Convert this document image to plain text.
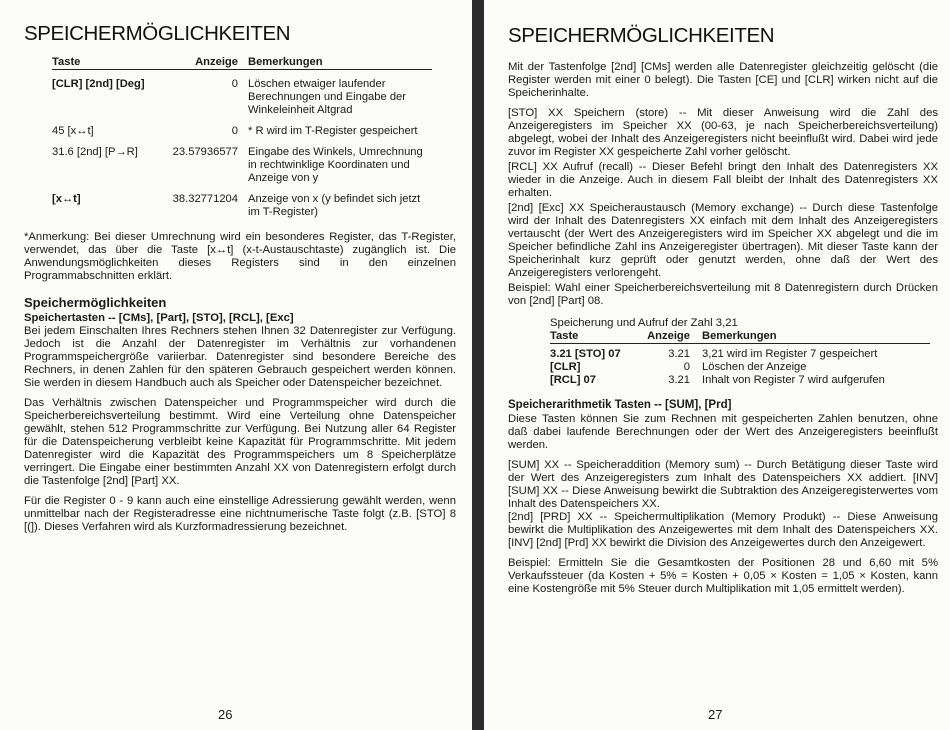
SPEICHERMÖGLICHKEITEN
Taste	Anzeige	Bemerkungen
[CLR] [2nd] [Deg]	0	Löschen etwaiger laufender Berechnungen und Eingabe der Winkeleinheit Altgrad
45 [x↔t]	0	* R wird im T-Register gespeichert
31.6 [2nd] [P→R]	23.57936577	Eingabe des Winkels, Umrechnung in rechtwinklige Koordinaten und Anzeige von y
[x↔t]	38.32771204	Anzeige von x (y befindet sich jetzt im T-Register)

*Anmerkung: Bei dieser Umrechnung wird ein besonderes Register, das T-Register, verwendet, das über die Taste [x↔t] (x-t-Austauschtaste) zugänglich ist. Die Anwendungsmöglichkeiten dieses Registers sind in den einzelnen Programmabschnitten erklärt.

Speichermöglichkeiten
Speichertasten -- [CMs], [Part], [STO], [RCL], [Exc]

Bei jedem Einschalten Ihres Rechners stehen Ihnen 32 Datenregister zur Verfügung. Jedoch ist die Anzahl der Datenregister im Verhältnis zur vorhandenen Programmspeichergröße variierbar. Datenregister sind besondere Bereiche des Rechners, in denen Zahlen für den späteren Gebrauch gespeichert werden können. Sie werden in diesem Handbuch auch als Speicher oder Datenspeicher bezeichnet.

Das Verhältnis zwischen Datenspeicher und Programmspeicher wird durch die Speicherbereichsverteilung bestimmt. Wird eine Verteilung ohne Datenspeicher gewählt, stehen 512 Programmschritte zur Verfügung. Bei Nutzung aller 64 Register für die Datenspeicherung verbleibt keine Kapazität für Programmschritte. Mit jedem Datenregister wird die Kapazität des Programmspeichers um 8 Speicherplätze verringert. Die Eingabe einer bestimmten Anzahl XX von Datenregistern erfolgt durch die Tastenfolge [2nd] [Part] XX.

Für die Register 0 - 9 kann auch eine einstellige Adressierung gewählt werden, wenn unmittelbar nach der Registeradresse eine nichtnumerische Taste folgt (z.B. [STO] 8 [(]). Dieses Verfahren wird als Kurzformadressierung bezeichnet.

26
SPEICHERMÖGLICHKEITEN

Mit der Tastenfolge [2nd] [CMs] werden alle Datenregister gleichzeitig gelöscht (die Register werden mit einer 0 belegt). Die Tasten [CE] und [CLR] wirken nicht auf die Speicherinhalte.

[STO] XX Speichern (store) -- Mit dieser Anweisung wird die Zahl des Anzeigeregisters im Speicher XX (00-63, je nach Speicherbereichsverteilung) abgelegt, wobei der Inhalt des Anzeigeregisters nicht beeinflußt wird. Dabei wird jede zuvor im Register XX gespeicherte Zahl vorher gelöscht.

[RCL] XX Aufruf (recall) -- Dieser Befehl bringt den Inhalt des Datenregisters XX wieder in die Anzeige. Auch in diesem Fall bleibt der Inhalt des Datenregisters XX erhalten.

[2nd] [Exc] XX Speicheraustausch (Memory exchange) -- Durch diese Tastenfolge wird der Inhalt des Datenregisters XX einfach mit dem Inhalt des Anzeigeregisters vertauscht (der Wert des Anzeigeregisters wird im Speicher XX abgelegt und die im Speicher befindliche Zahl ins Anzeigeregister übertragen). Mit dieser Taste kann der Speicherinhalt kurz geprüft oder genutzt werden, ohne daß der Wert des Anzeigeregisters verlorengeht.

Beispiel: Wahl einer Speicherbereichsverteilung mit 8 Datenregistern durch Drücken von [2nd] [Part] 08.

Speicherung und Aufruf der Zahl 3,21
Taste	Anzeige	Bemerkungen
3.21 [STO] 07	3.21	3,21 wird im Register 7 gespeichert
[CLR]	0	Löschen der Anzeige
[RCL] 07	3.21	Inhalt von Register 7 wird aufgerufen
Speicherarithmetik Tasten -- [SUM], [Prd]

Diese Tasten können Sie zum Rechnen mit gespeicherten Zahlen benutzen, ohne daß dabei laufende Berechnungen oder der Wert des Anzeigeregisters beeinflußt werden.

[SUM] XX -- Speicheraddition (Memory sum) -- Durch Betätigung dieser Taste wird der Wert des Anzeigeregisters zum Inhalt des Datenspeichers XX addiert. [INV] [SUM] XX -- Diese Anweisung bewirkt die Subtraktion des Anzeigeregisterwertes vom Inhalt des Datenspeichers XX.

[2nd] [PRD] XX -- Speichermultiplikation (Memory Produkt) -- Diese Anweisung bewirkt die Multiplikation des Anzeigewertes mit dem Inhalt des Datenspeichers XX. [INV] [2nd] [Prd] XX bewirkt die Division des Anzeigewertes durch den Anzeigewert.

Beispiel: Ermitteln Sie die Gesamtkosten der Positionen 28 und 6,60 mit 5% Verkaufssteuer (da Kosten + 5% = Kosten + 0,05 × Kosten = 1,05 × Kosten, kann eine Kostengröße mit 5% Steuer durch Multiplikation mit 1,05 ermittelt werden).

27
